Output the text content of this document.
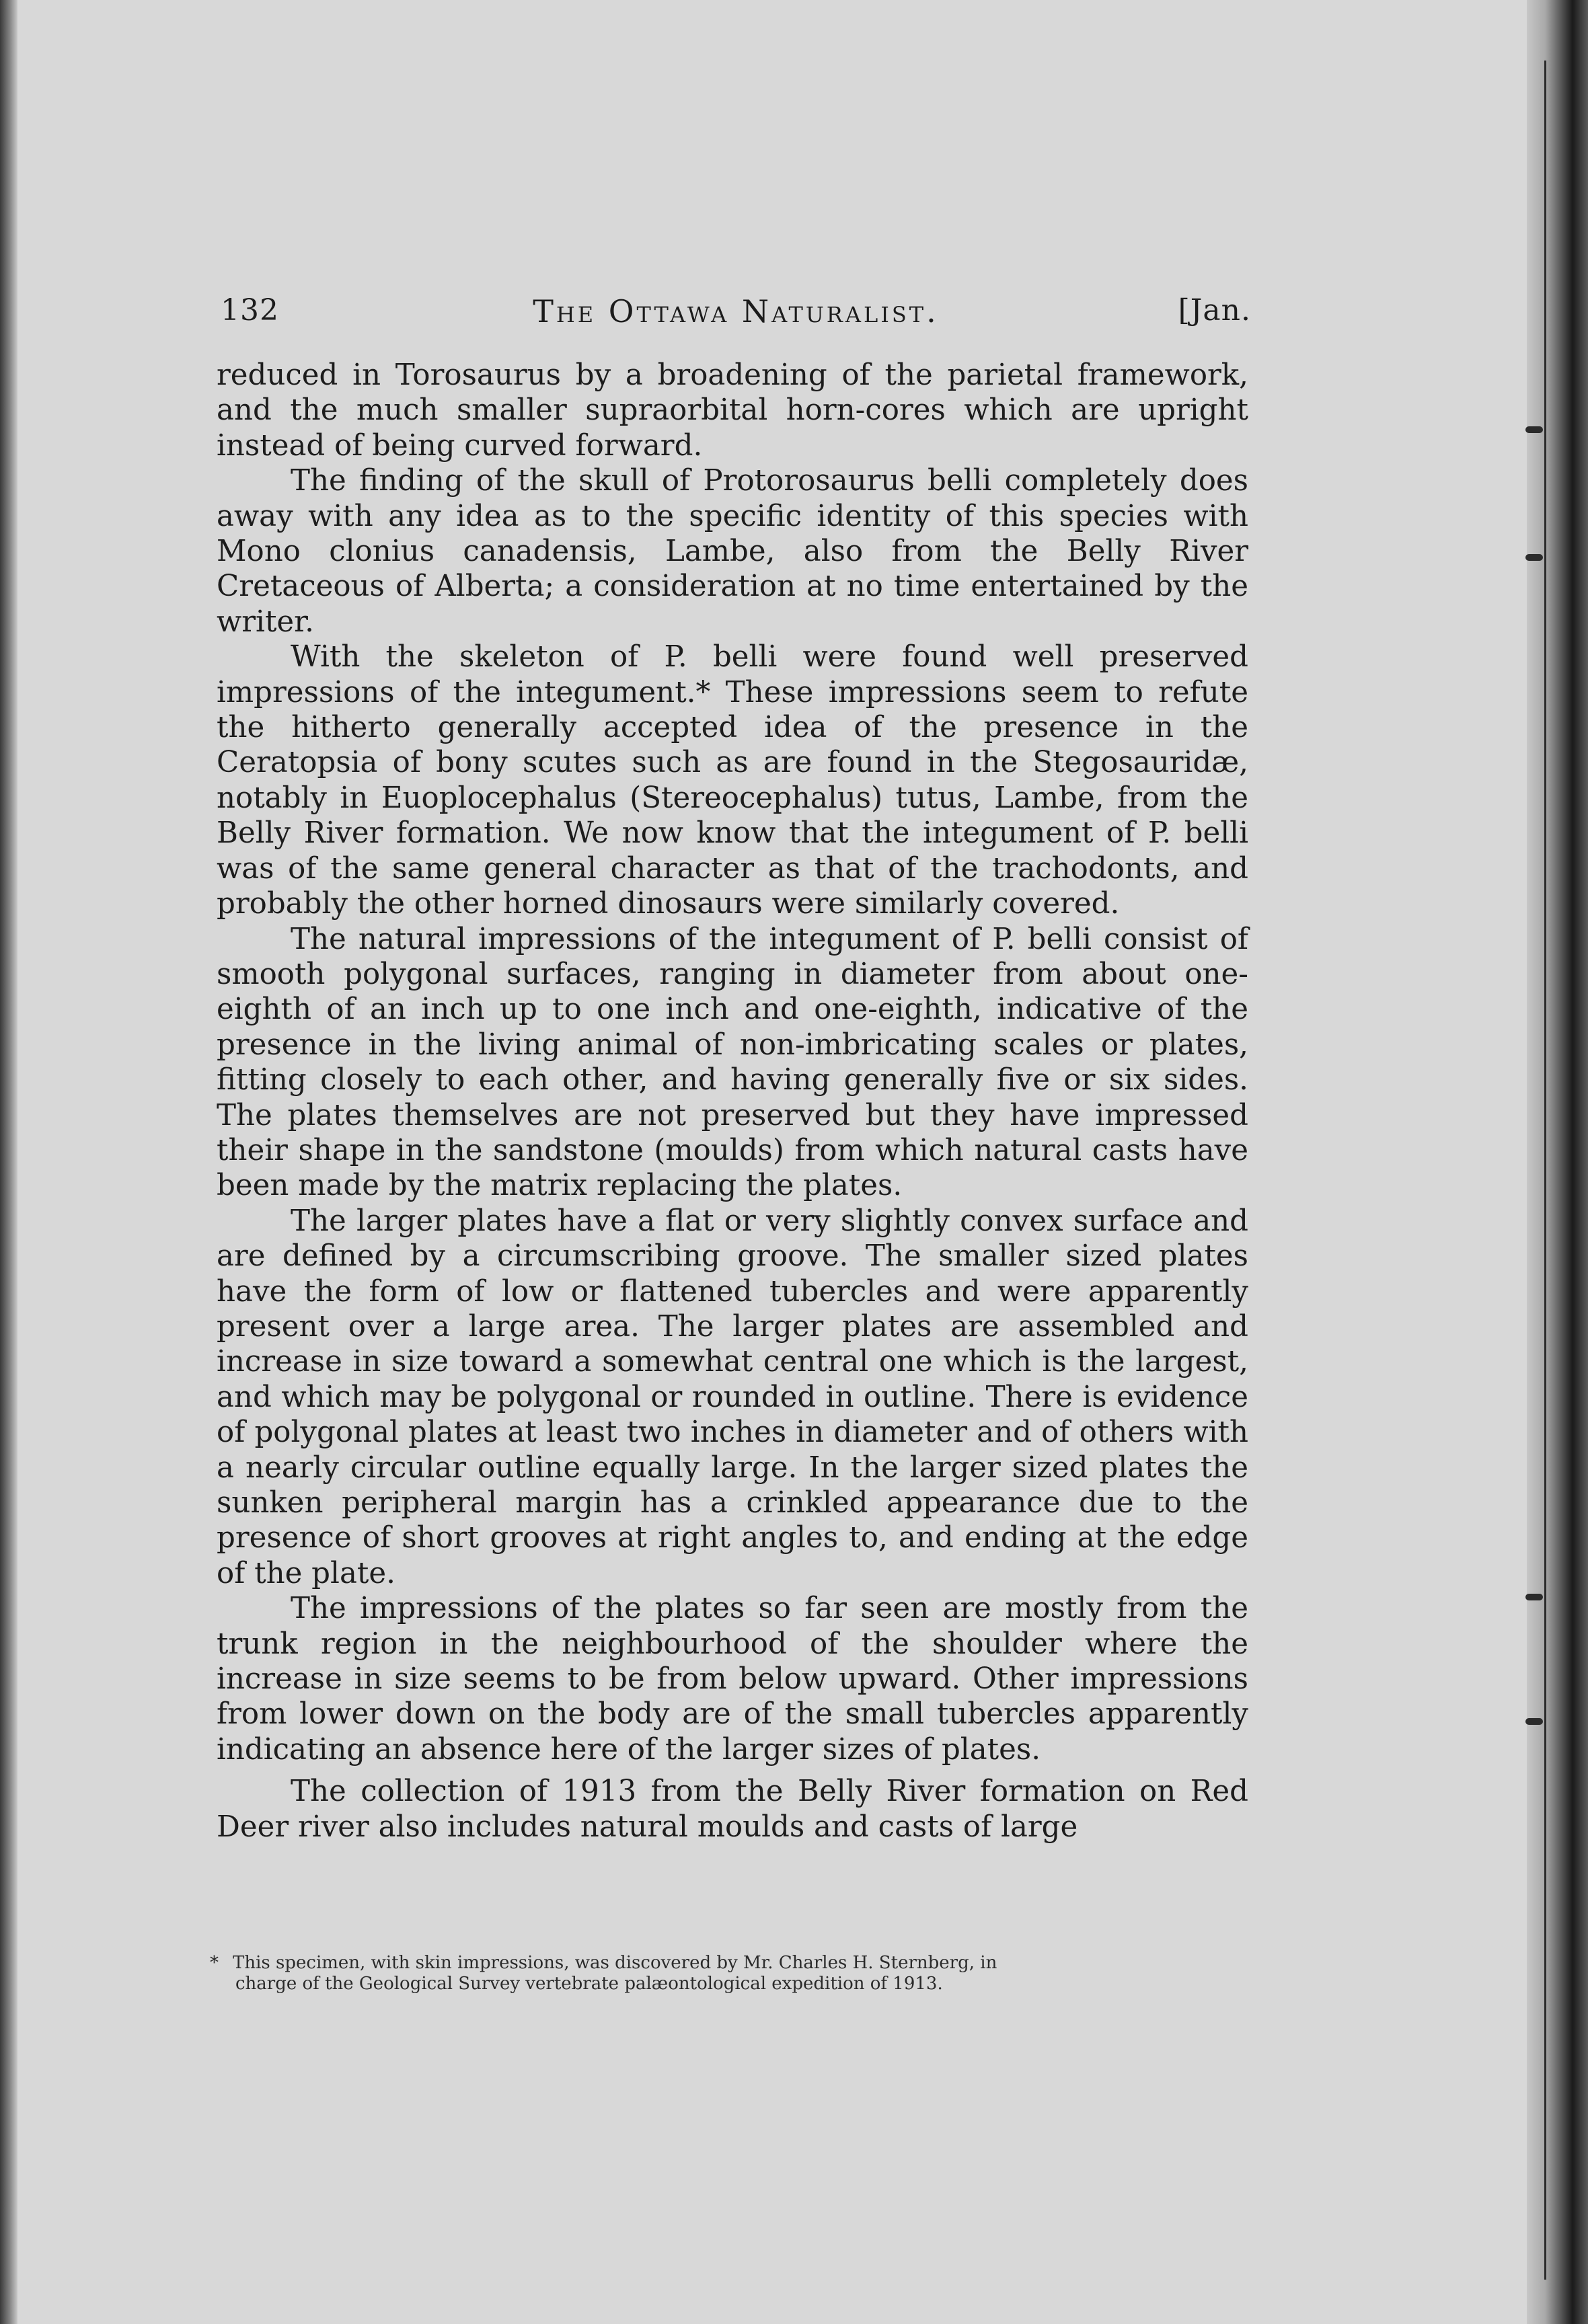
132	The Ottawa Naturalist.	[Jan.

reduced in Torosaurus by a broadening of the parietal framework, and the much smaller supraorbital horn-cores which are upright instead of being curved forward.

The finding of the skull of Protorosaurus belli completely does away with any idea as to the specific identity of this species with Mono clonius canadensis, Lambe, also from the Belly River Cretaceous of Alberta; a consideration at no time entertained by the writer.

With the skeleton of P. belli were found well preserved impressions of the integument.* These impressions seem to refute the hitherto generally accepted idea of the presence in the Ceratopsia of bony scutes such as are found in the Stegosauridæ, notably in Euoplocephalus (Stereocephalus) tutus, Lambe, from the Belly River formation. We now know that the integument of P. belli was of the same general character as that of the trachodonts, and probably the other horned dinosaurs were similarly covered.

The natural impressions of the integument of P. belli consist of smooth polygonal surfaces, ranging in diameter from about one-eighth of an inch up to one inch and one-eighth, indicative of the presence in the living animal of non-imbricating scales or plates, fitting closely to each other, and having generally five or six sides. The plates themselves are not preserved but they have impressed their shape in the sandstone (moulds) from which natural casts have been made by the matrix replacing the plates.

The larger plates have a flat or very slightly convex surface and are defined by a circumscribing groove. The smaller sized plates have the form of low or flattened tubercles and were apparently present over a large area. The larger plates are assembled and increase in size toward a somewhat central one which is the largest, and which may be polygonal or rounded in outline. There is evidence of polygonal plates at least two inches in diameter and of others with a nearly circular outline equally large. In the larger sized plates the sunken peripheral margin has a crinkled appearance due to the presence of short grooves at right angles to, and ending at the edge of the plate.

The impressions of the plates so far seen are mostly from the trunk region in the neighbourhood of the shoulder where the increase in size seems to be from below upward. Other impressions from lower down on the body are of the small tubercles apparently indicating an absence here of the larger sizes of plates.

The collection of 1913 from the Belly River formation on Red Deer river also includes natural moulds and casts of large

* This specimen, with skin impressions, was discovered by Mr. Charles H. Sternberg, in
charge of the Geological Survey vertebrate palæontological expedition of 1913.
